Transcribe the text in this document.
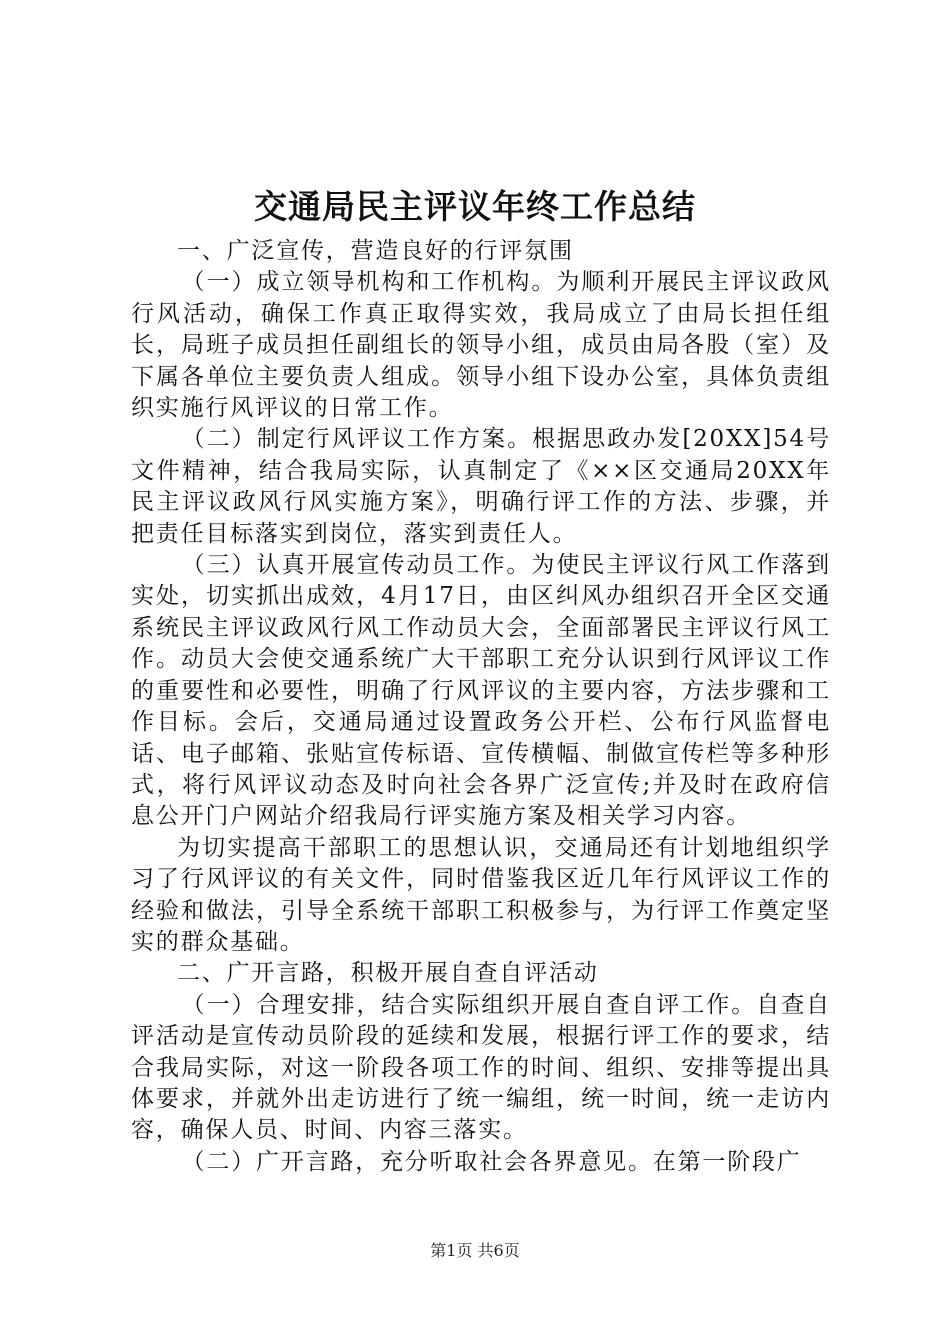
交通局民主评议年终工作总结

一、广泛宣传，营造良好的行评氛围

（一）成立领导机构和工作机构。为顺利开展民主评议政风行风活动，确保工作真正取得实效，我局成立了由局长担任组长，局班子成员担任副组长的领导小组，成员由局各股（室）及下属各单位主要负责人组成。领导小组下设办公室，具体负责组织实施行风评议的日常工作。

（二）制定行风评议工作方案。根据思政办发[20XX]54号文件精神，结合我局实际，认真制定了《××区交通局20XX年民主评议政风行风实施方案》，明确行评工作的方法、步骤，并把责任目标落实到岗位，落实到责任人。

（三）认真开展宣传动员工作。为使民主评议行风工作落到实处，切实抓出成效，4月17日，由区纠风办组织召开全区交通系统民主评议政风行风工作动员大会，全面部署民主评议行风工作。动员大会使交通系统广大干部职工充分认识到行风评议工作的重要性和必要性，明确了行风评议的主要内容，方法步骤和工作目标。会后，交通局通过设置政务公开栏、公布行风监督电话、电子邮箱、张贴宣传标语、宣传横幅、制做宣传栏等多种形式，将行风评议动态及时向社会各界广泛宣传;并及时在政府信息公开门户网站介绍我局行评实施方案及相关学习内容。

为切实提高干部职工的思想认识，交通局还有计划地组织学习了行风评议的有关文件，同时借鉴我区近几年行风评议工作的经验和做法，引导全系统干部职工积极参与，为行评工作奠定坚实的群众基础。

二、广开言路，积极开展自查自评活动

（一）合理安排，结合实际组织开展自查自评工作。自查自评活动是宣传动员阶段的延续和发展，根据行评工作的要求，结合我局实际，对这一阶段各项工作的时间、组织、安排等提出具体要求，并就外出走访进行了统一编组，统一时间，统一走访内容，确保人员、时间、内容三落实。

（二）广开言路，充分听取社会各界意见。在第一阶段广

第1页 共6页
